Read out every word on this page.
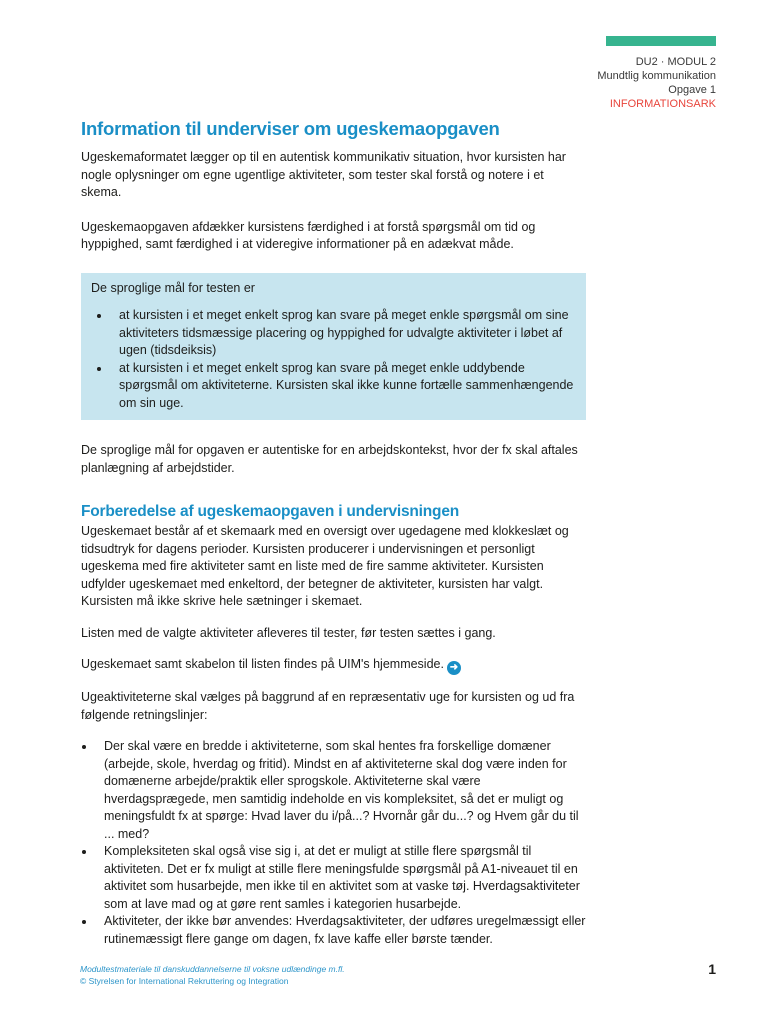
DU2 · MODUL 2
Mundtlig kommunikation
Opgave 1
INFORMATIONSARK
Information til underviser om ugeskemaopgaven

Ugeskemaformatet lægger op til en autentisk kommunikativ situation, hvor kursisten har nogle oplysninger om egne ugentlige aktiviteter, som tester skal forstå og notere i et skema.

Ugeskemaopgaven afdækker kursistens færdighed i at forstå spørgsmål om tid og hyppighed, samt færdighed i at videregive informationer på en adækvat måde.

De sproglige mål for testen er

• at kursisten i et meget enkelt sprog kan svare på meget enkle spørgsmål om sine aktiviteters tidsmæssige placering og hyppighed for udvalgte aktiviteter i løbet af ugen (tidsdeiksis)
• at kursisten i et meget enkelt sprog kan svare på meget enkle uddybende spørgsmål om aktiviteterne. Kursisten skal ikke kunne fortælle sammenhængende om sin uge.

De sproglige mål for opgaven er autentiske for en arbejdskontekst, hvor der fx skal aftales planlægning af arbejdstider.

Forberedelse af ugeskemaopgaven i undervisningen

Ugeskemaet består af et skemaark med en oversigt over ugedagene med klokkeslæt og tidsudtryk for dagens perioder. Kursisten producerer i undervisningen et personligt ugeskema med fire aktiviteter samt en liste med de fire samme aktiviteter. Kursisten udfylder ugeskemaet med enkeltord, der betegner de aktiviteter, kursisten har valgt. Kursisten må ikke skrive hele sætninger i skemaet.

Listen med de valgte aktiviteter afleveres til tester, før testen sættes i gang.

Ugeskemaet samt skabelon til listen findes på UIM's hjemmeside. ➜

Ugeaktiviteterne skal vælges på baggrund af en repræsentativ uge for kursisten og ud fra følgende retningslinjer:

• Der skal være en bredde i aktiviteterne, som skal hentes fra forskellige domæner (arbejde, skole, hverdag og fritid). Mindst en af aktiviteterne skal dog være inden for domænerne arbejde/praktik eller sprogskole. Aktiviteterne skal være hverdagsprægede, men samtidig indeholde en vis kompleksitet, så det er muligt og meningsfuldt fx at spørge: Hvad laver du i/på...? Hvornår går du...? og Hvem går du til ... med?
• Kompleksiteten skal også vise sig i, at det er muligt at stille flere spørgsmål til aktiviteten. Det er fx muligt at stille flere meningsfulde spørgsmål på A1-niveauet til en aktivitet som husarbejde, men ikke til en aktivitet som at vaske tøj. Hverdagsaktiviteter som at lave mad og at gøre rent samles i kategorien husarbejde.
• Aktiviteter, der ikke bør anvendes: Hverdagsaktiviteter, der udføres uregelmæssigt eller rutinemæssigt flere gange om dagen, fx lave kaffe eller børste tænder.
Modultestmateriale til danskuddannelserne til voksne udlændinge m.fl.
© Styrelsen for International Rekruttering og Integration
1
